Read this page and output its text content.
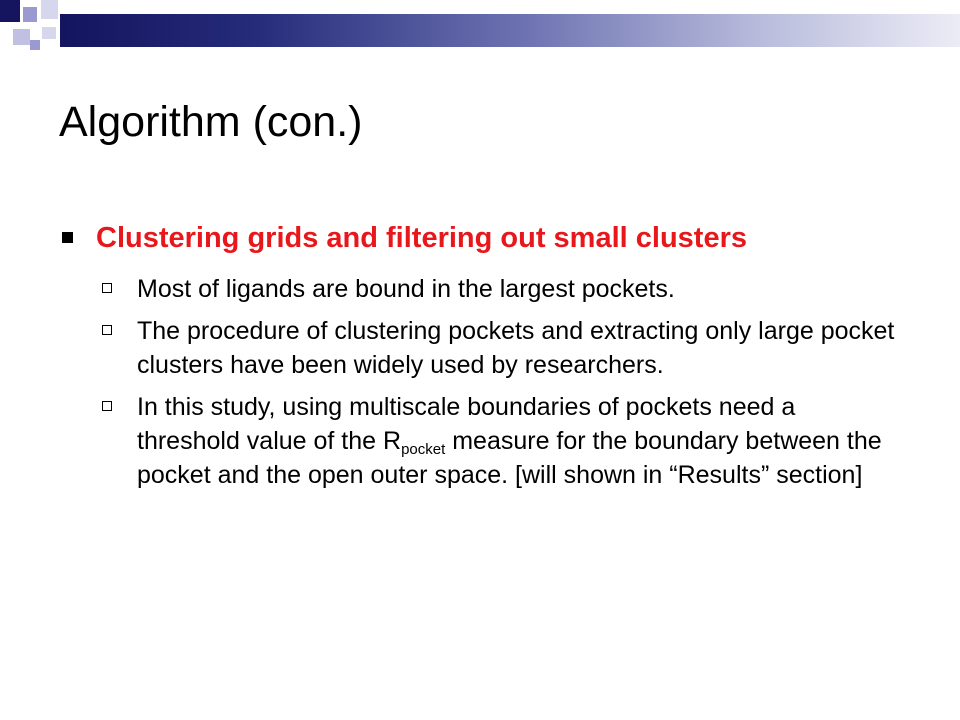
Algorithm (con.)
Clustering grids and filtering out small clusters
Most of ligands are bound in the largest pockets.
The procedure of clustering pockets and extracting only large pocket clusters have been widely used by researchers.
In this study, using multiscale boundaries of pockets need a threshold value of the $R_{pocket}$ measure for the boundary between the pocket and the open outer space. [will shown in “Results” section]
